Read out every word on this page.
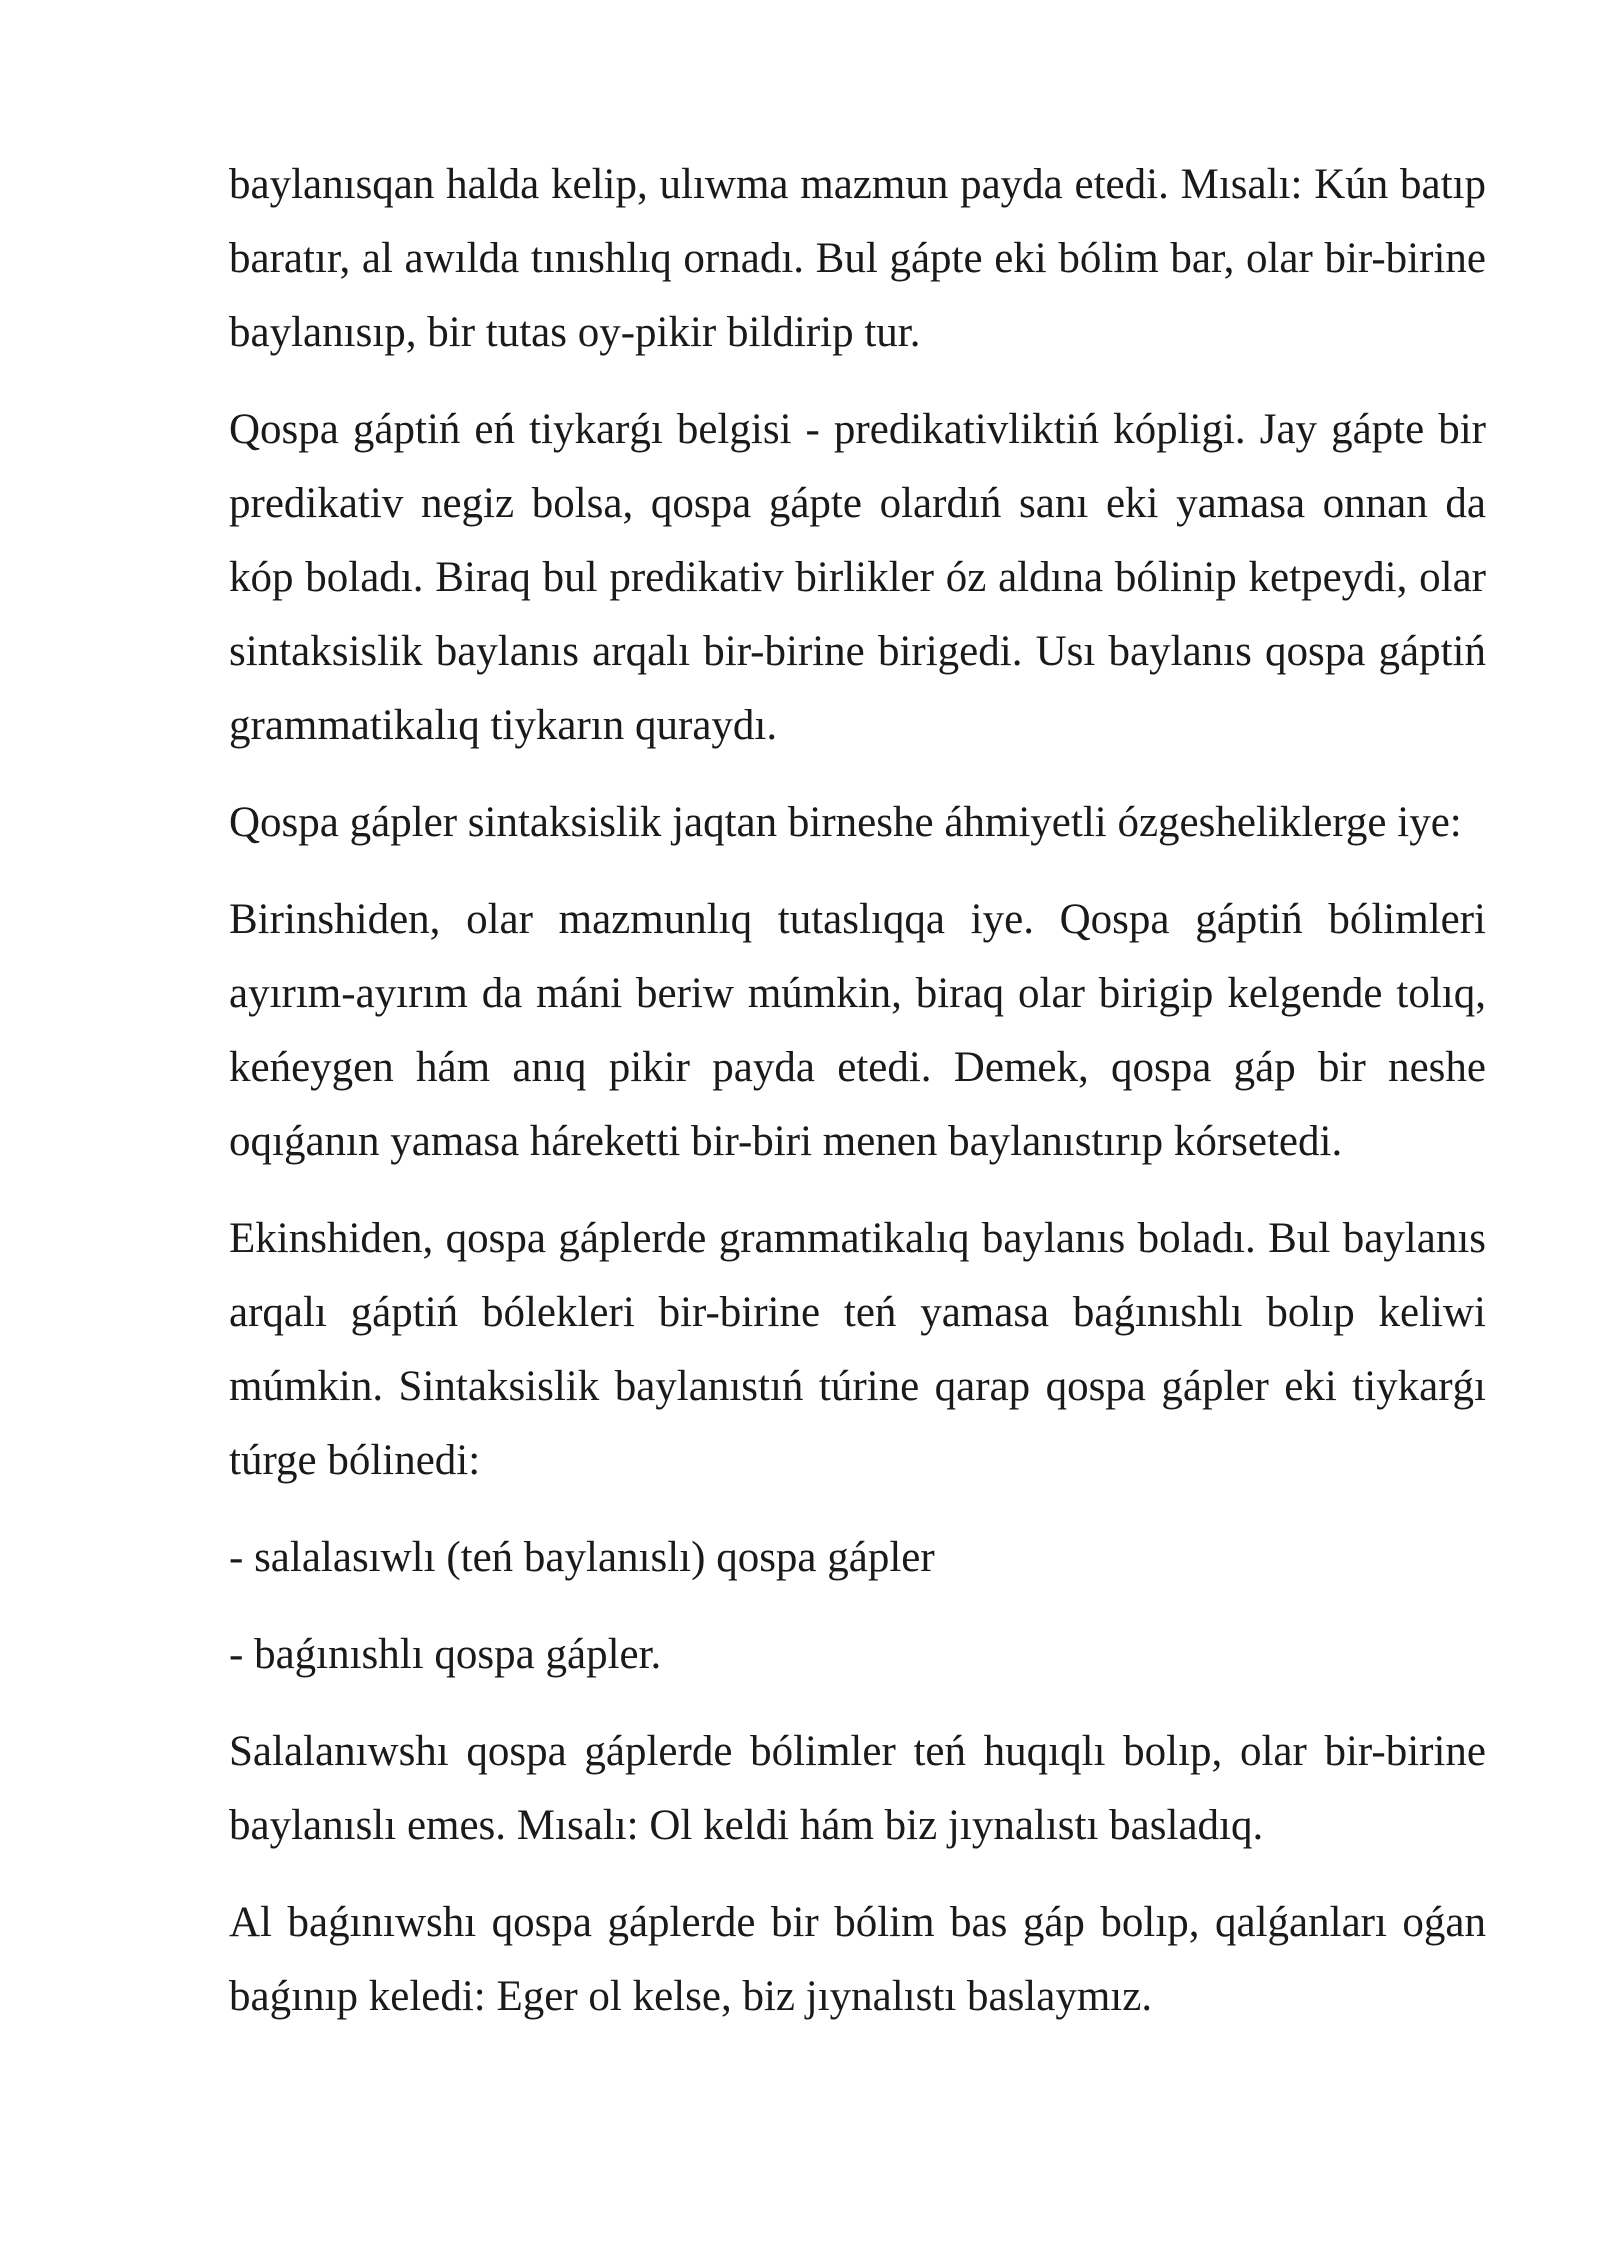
baylanısqan halda kelip, ulıwma mazmun payda etedi. Mısalı: Kún batıp baratır, al awılda tınıshlıq ornadı. Bul gápte eki bólim bar, olar bir-birine baylanısıp, bir tutas oy-pikir bildirip tur.

Qospa gáptiń eń tiykarǵı belgisi - predikativliktiń kópligi. Jay gápte bir predikativ negiz bolsa, qospa gápte olardıń sanı eki yamasa onnan da kóp boladı. Biraq bul predikativ birlikler óz aldına bólinip ketpeydi, olar sintaksislik baylanıs arqalı bir-birine birigedi. Usı baylanıs qospa gáptiń grammatikalıq tiykarın quraydı.

Qospa gápler sintaksislik jaqtan birneshe áhmiyetli ózgesheliklerge iye:

Birinshiden, olar mazmunlıq tutaslıqqa iye. Qospa gáptiń bólimleri ayırım-ayırım da máni beriw múmkin, biraq olar birigip kelgende tolıq, keńeygen hám anıq pikir payda etedi. Demek, qospa gáp bir neshe oqıǵanın yamasa háreketti bir-biri menen baylanıstırıp kórsetedi.

Ekinshiden, qospa gáplerde grammatikalıq baylanıs boladı. Bul baylanıs arqalı gáptiń bólekleri bir-birine teń yamasa baǵınıshlı bolıp keliwi múmkin. Sintaksislik baylanıstıń túrine qarap qospa gápler eki tiykarǵı túrge bólinedi:

- salalasıwlı (teń baylanıslı) qospa gápler

- baǵınıshlı qospa gápler.

Salalanıwshı qospa gáplerde bólimler teń huqıqlı bolıp, olar bir-birine baylanıslı emes. Mısalı: Ol keldi hám biz jıynalıstı basladıq.

Al baǵınıwshı qospa gáplerde bir bólim bas gáp bolıp, qalǵanları oǵan baǵınıp keledi: Eger ol kelse, biz jıynalıstı baslaymız.
